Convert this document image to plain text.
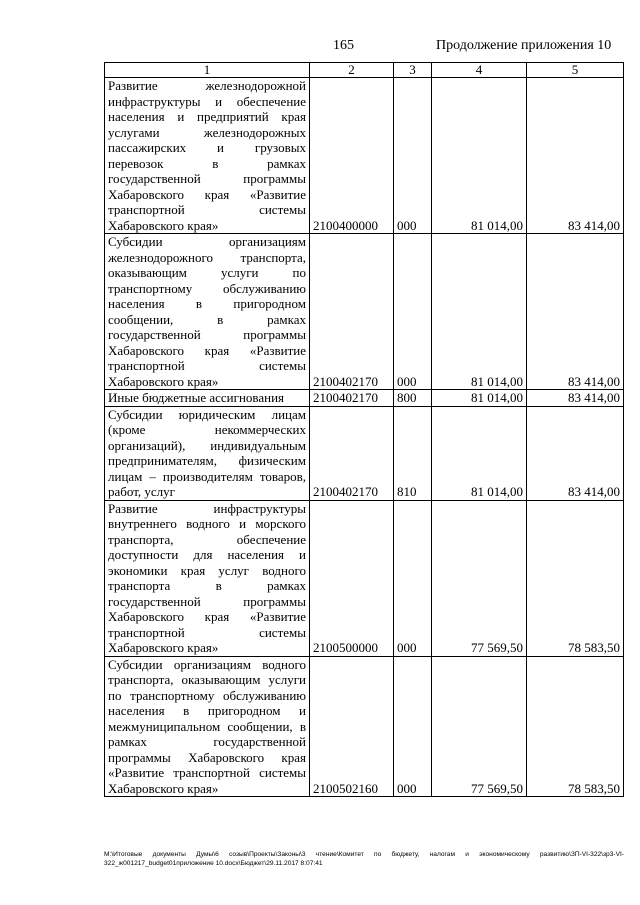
165	Продолжение приложения 10
1	2	3	4	5
Развитие железнодорожной инфраструктуры и обеспечение населения и предприятий края услугами железнодорожных пассажирских и грузовых перевозок в рамках государственной программы Хабаровского края «Развитие транспортной системы Хабаровского края»	2100400000	000	81 014,00	83 414,00
Субсидии организациям железнодорожного транспорта, оказывающим услуги по транспортному обслуживанию населения в пригородном сообщении, в рамках государственной программы Хабаровского края «Развитие транспортной системы Хабаровского края»	2100402170	000	81 014,00	83 414,00
Иные бюджетные ассигнования	2100402170	800	81 014,00	83 414,00
Субсидии юридическим лицам (кроме некоммерческих организаций), индивидуальным предпринимателям, физическим лицам – производителям товаров, работ, услуг	2100402170	810	81 014,00	83 414,00
Развитие инфраструктуры внутреннего водного и морского транспорта, обеспечение доступности для населения и экономики края услуг водного транспорта в рамках государственной программы Хабаровского края «Развитие транспортной системы Хабаровского края»	2100500000	000	77 569,50	78 583,50
Субсидии организациям водного транспорта, оказывающим услуги по транспортному обслуживанию населения в пригородном и межмуниципальном сообщении, в рамках государственной программы Хабаровского края «Развитие транспортной системы Хабаровского края»	2100502160	000	77 569,50	78 583,50
М:\Итоговые документы Думы\6 созыв\Проекты\Законы\3 чтение\Комитет по бюджету, налогам и экономическому развитию\ЗП-VI-322\зр3-VI-322_ж001217_budget01приложение 10.docx\Бюджет\29.11.2017 8:07:41
